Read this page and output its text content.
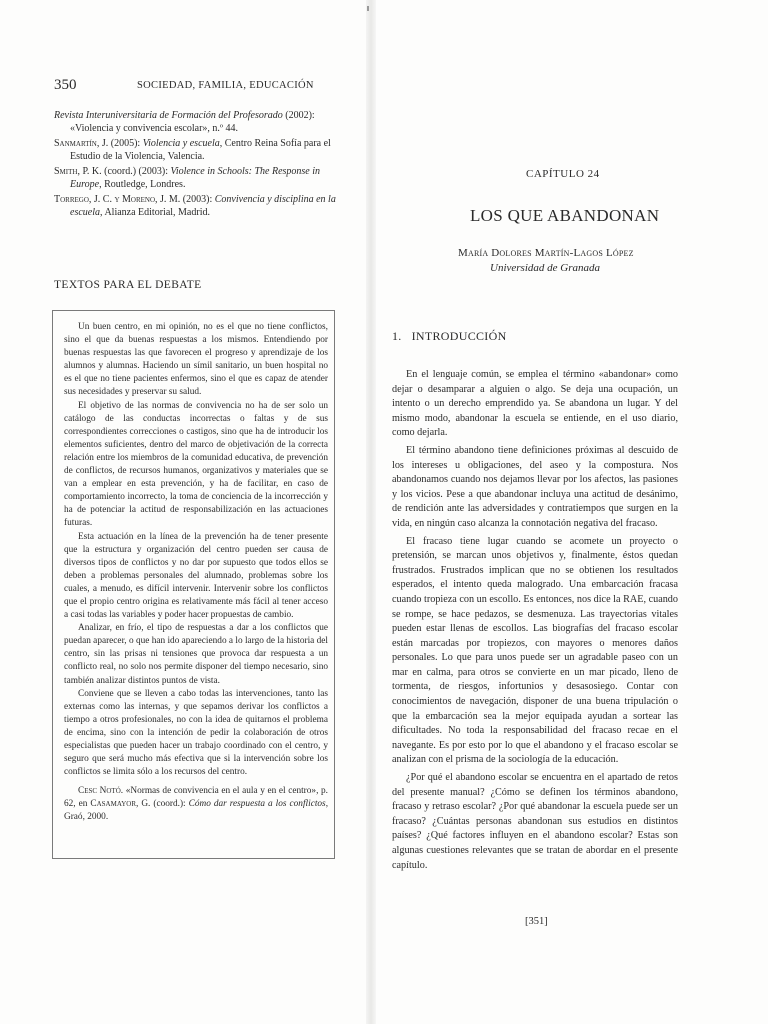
350	SOCIEDAD, FAMILIA, EDUCACIÓN

Revista Interuniversitaria de Formación del Profesorado (2002): «Violencia y convivencia escolar», n.º 44.

Sanmartín, J. (2005): Violencia y escuela, Centro Reina Sofía para el Estudio de la Violencia, Valencia.

Smith, P. K. (coord.) (2003): Violence in Schools: The Response in Europe, Routledge, Londres.

Torrego, J. C. y Moreno, J. M. (2003): Convivencia y disciplina en la escuela, Alianza Editorial, Madrid.

TEXTOS PARA EL DEBATE

Un buen centro, en mi opinión, no es el que no tiene conflictos, sino el que da buenas respuestas a los mismos. Entendiendo por buenas respuestas las que favorecen el progreso y aprendizaje de los alumnos y alumnas. Haciendo un símil sanitario, un buen hospital no es el que no tiene pacientes enfermos, sino el que es capaz de atender sus necesidades y preservar su salud.

El objetivo de las normas de convivencia no ha de ser solo un catálogo de las conductas incorrectas o faltas y de sus correspondientes correcciones o castigos, sino que ha de introducir los elementos suficientes, dentro del marco de objetivación de la correcta relación entre los miembros de la comunidad educativa, de prevención de conflictos, de recursos humanos, organizativos y materiales que se van a emplear en esta prevención, y ha de facilitar, en caso de comportamiento incorrecto, la toma de conciencia de la incorrección y ha de potenciar la actitud de responsabilización en las actuaciones futuras.

Esta actuación en la línea de la prevención ha de tener presente que la estructura y organización del centro pueden ser causa de diversos tipos de conflictos y no dar por supuesto que todos ellos se deben a problemas personales del alumnado, problemas sobre los cuales, a menudo, es difícil intervenir. Intervenir sobre los conflictos que el propio centro origina es relativamente más fácil al tener acceso a casi todas las variables y poder hacer propuestas de cambio.

Analizar, en frío, el tipo de respuestas a dar a los conflictos que puedan aparecer, o que han ido apareciendo a lo largo de la historia del centro, sin las prisas ni tensiones que provoca dar respuesta a un conflicto real, no solo nos permite disponer del tiempo necesario, sino también analizar distintos puntos de vista.

Conviene que se lleven a cabo todas las intervenciones, tanto las externas como las internas, y que sepamos derivar los conflictos a tiempo a otros profesionales, no con la idea de quitarnos el problema de encima, sino con la intención de pedir la colaboración de otros especialistas que pueden hacer un trabajo coordinado con el centro, y seguro que será mucho más efectiva que si la intervención sobre los conflictos se limita sólo a los recursos del centro.

Cesc Notó. «Normas de convivencia en el aula y en el centro», p. 62, en Casamayor, G. (coord.): Cómo dar respuesta a los conflictos, Graó, 2000.

CAPÍTULO 24
LOS QUE ABANDONAN
María Dolores Martín-Lagos López
Universidad de Granada
1. INTRODUCCIÓN

En el lenguaje común, se emplea el término «abandonar» como dejar o desamparar a alguien o algo. Se deja una ocupación, un intento o un derecho emprendido ya. Se abandona un lugar. Y del mismo modo, abandonar la escuela se entiende, en el uso diario, como dejarla.

El término abandono tiene definiciones próximas al descuido de los intereses u obligaciones, del aseo y la compostura. Nos abandonamos cuando nos dejamos llevar por los afectos, las pasiones y los vicios. Pese a que abandonar incluya una actitud de desánimo, de rendición ante las adversidades y contratiempos que surgen en la vida, en ningún caso alcanza la connotación negativa del fracaso.

El fracaso tiene lugar cuando se acomete un proyecto o pretensión, se marcan unos objetivos y, finalmente, éstos quedan frustrados. Frustrados implican que no se obtienen los resultados esperados, el intento queda malogrado. Una embarcación fracasa cuando tropieza con un escollo. Es entonces, nos dice la RAE, cuando se rompe, se hace pedazos, se desmenuza. Las trayectorias vitales pueden estar llenas de escollos. Las biografías del fracaso escolar están marcadas por tropiezos, con mayores o menores daños personales. Lo que para unos puede ser un agradable paseo con un mar en calma, para otros se convierte en un mar picado, lleno de tormenta, de riesgos, infortunios y desasosiego. Contar con conocimientos de navegación, disponer de una buena tripulación o que la embarcación sea la mejor equipada ayudan a sortear las dificultades. No toda la responsabilidad del fracaso recae en el navegante. Es por esto por lo que el abandono y el fracaso escolar se analizan con el prisma de la sociología de la educación.

¿Por qué el abandono escolar se encuentra en el apartado de retos del presente manual? ¿Cómo se definen los términos abandono, fracaso y retraso escolar? ¿Por qué abandonar la escuela puede ser un fracaso? ¿Cuántas personas abandonan sus estudios en distintos países? ¿Qué factores influyen en el abandono escolar? Estas son algunas cuestiones relevantes que se tratan de abordar en el presente capítulo.

[351]
